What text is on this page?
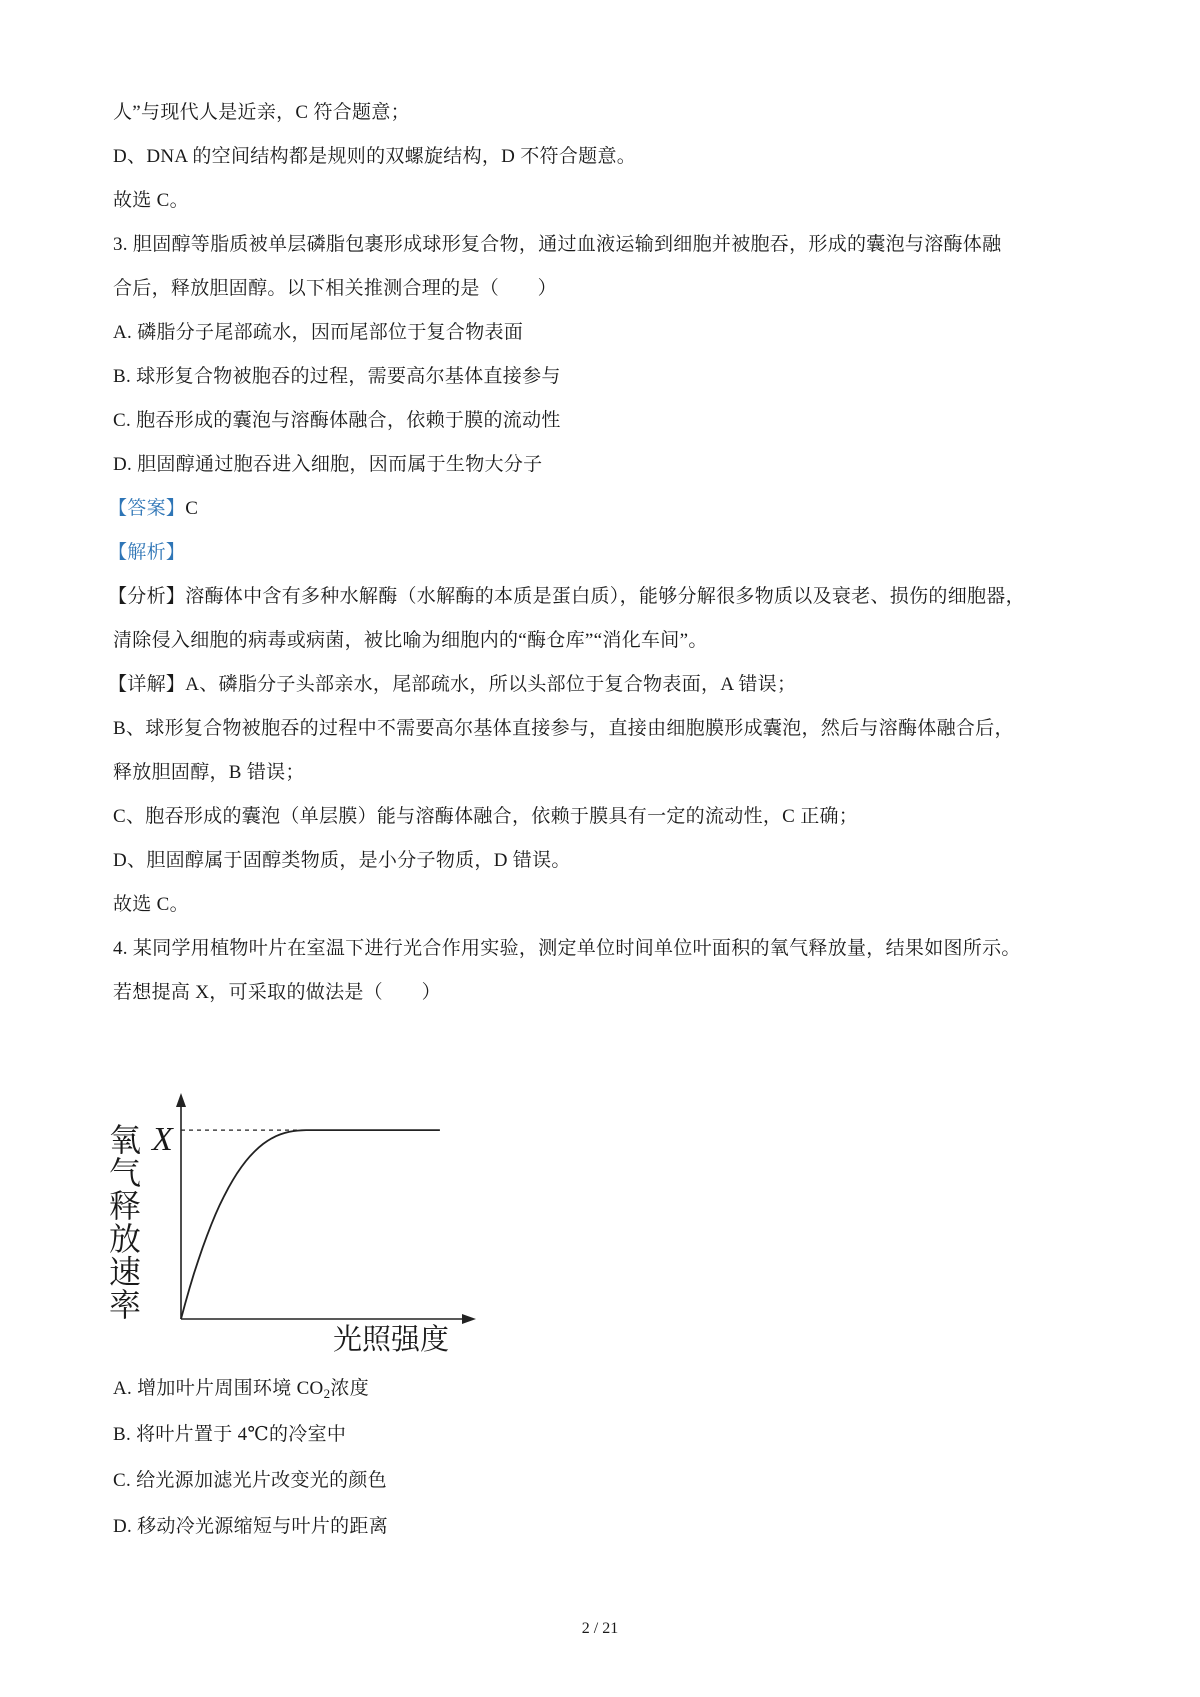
人”与现代人是近亲，C 符合题意；
D、DNA 的空间结构都是规则的双螺旋结构，D 不符合题意。
故选 C。
3. 胆固醇等脂质被单层磷脂包裹形成球形复合物，通过血液运输到细胞并被胞吞，形成的囊泡与溶酶体融
合后，释放胆固醇。以下相关推测合理的是（　　）
A. 磷脂分子尾部疏水，因而尾部位于复合物表面
B. 球形复合物被胞吞的过程，需要高尔基体直接参与
C. 胞吞形成的囊泡与溶酶体融合，依赖于膜的流动性
D. 胆固醇通过胞吞进入细胞，因而属于生物大分子
【答案】C
【解析】
【分析】溶酶体中含有多种水解酶（水解酶的本质是蛋白质），能够分解很多物质以及衰老、损伤的细胞器，
清除侵入细胞的病毒或病菌，被比喻为细胞内的“酶仓库”“消化车间”。
【详解】A、磷脂分子头部亲水，尾部疏水，所以头部位于复合物表面，A 错误；
B、球形复合物被胞吞的过程中不需要高尔基体直接参与，直接由细胞膜形成囊泡，然后与溶酶体融合后，
释放胆固醇，B 错误；
C、胞吞形成的囊泡（单层膜）能与溶酶体融合，依赖于膜具有一定的流动性，C 正确；
D、胆固醇属于固醇类物质，是小分子物质，D 错误。
故选 C。
4. 某同学用植物叶片在室温下进行光合作用实验，测定单位时间单位叶面积的氧气释放量，结果如图所示。
若想提高 X，可采取的做法是（　　）
氧气释放速率
光照强度
X
A. 增加叶片周围环境 $CO_2$浓度
B. 将叶片置于 4℃的冷室中
C. 给光源加滤光片改变光的颜色
D. 移动冷光源缩短与叶片的距离
2 / 21
